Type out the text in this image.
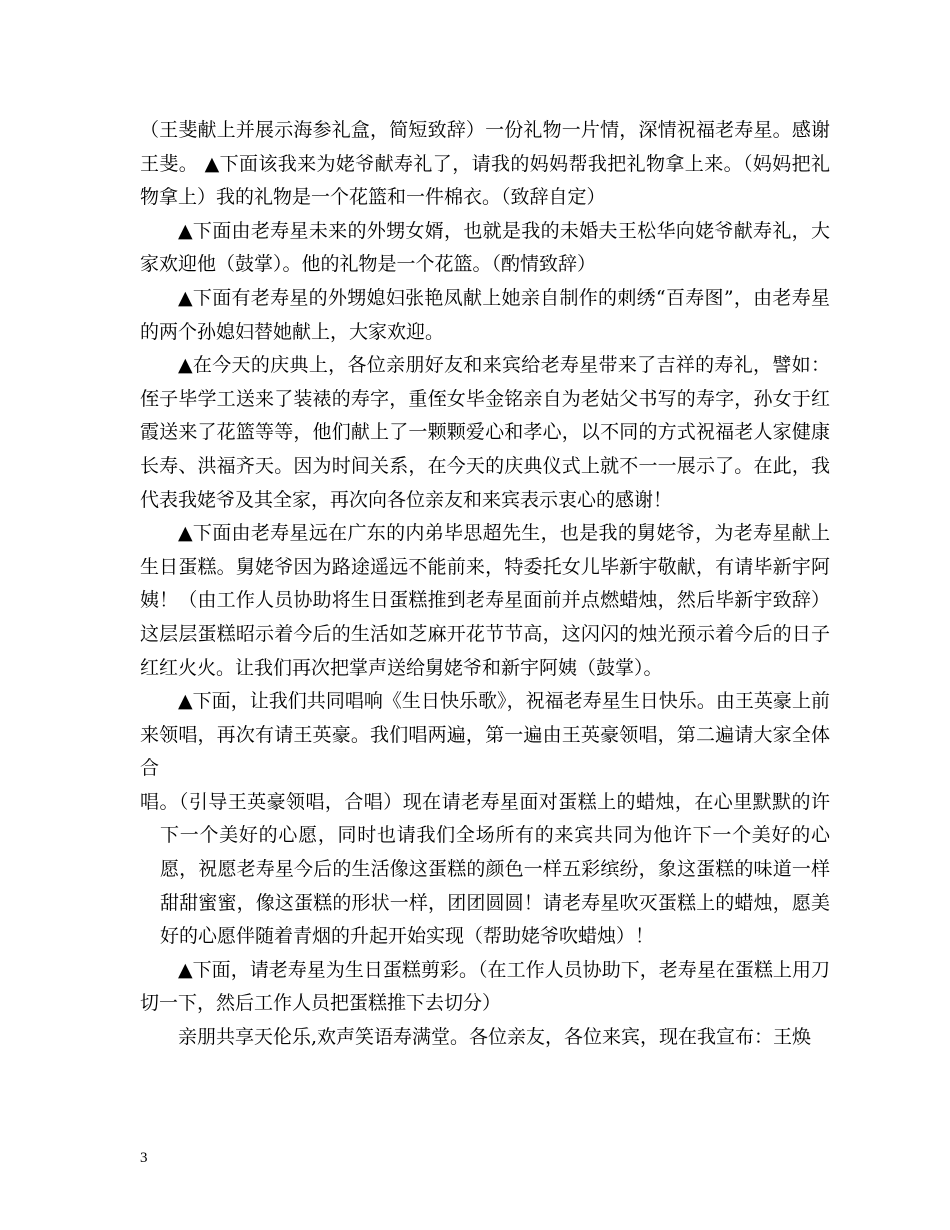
（王斐献上并展示海参礼盒，简短致辞）一份礼物一片情，深情祝福老寿星。感谢王斐。 ▲下面该我来为姥爷献寿礼了，请我的妈妈帮我把礼物拿上来。（妈妈把礼物拿上）我的礼物是一个花篮和一件棉衣。（致辞自定）

▲下面由老寿星未来的外甥女婿，也就是我的未婚夫王松华向姥爷献寿礼，大家欢迎他（鼓掌）。他的礼物是一个花篮。（酌情致辞）

▲下面有老寿星的外甥媳妇张艳凤献上她亲自制作的刺绣“百寿图”，由老寿星的两个孙媳妇替她献上，大家欢迎。

▲在今天的庆典上，各位亲朋好友和来宾给老寿星带来了吉祥的寿礼，譬如：侄子毕学工送来了装裱的寿字，重侄女毕金铭亲自为老姑父书写的寿字，孙女于红霞送来了花篮等等，他们献上了一颗颗爱心和孝心，以不同的方式祝福老人家健康长寿、洪福齐天。因为时间关系，在今天的庆典仪式上就不一一展示了。在此，我代表我姥爷及其全家，再次向各位亲友和来宾表示衷心的感谢！

▲下面由老寿星远在广东的内弟毕思超先生，也是我的舅姥爷，为老寿星献上生日蛋糕。舅姥爷因为路途遥远不能前来，特委托女儿毕新宇敬献，有请毕新宇阿姨！（由工作人员协助将生日蛋糕推到老寿星面前并点燃蜡烛，然后毕新宇致辞）这层层蛋糕昭示着今后的生活如芝麻开花节节高，这闪闪的烛光预示着今后的日子红红火火。让我们再次把掌声送给舅姥爷和新宇阿姨（鼓掌）。

▲下面，让我们共同唱响《生日快乐歌》，祝福老寿星生日快乐。由王英豪上前来领唱，再次有请王英豪。我们唱两遍，第一遍由王英豪领唱，第二遍请大家全体合

唱。（引导王英豪领唱，合唱）现在请老寿星面对蛋糕上的蜡烛，在心里默默的许下一个美好的心愿，同时也请我们全场所有的来宾共同为他许下一个美好的心愿，祝愿老寿星今后的生活像这蛋糕的颜色一样五彩缤纷，象这蛋糕的味道一样甜甜蜜蜜，像这蛋糕的形状一样，团团圆圆！请老寿星吹灭蛋糕上的蜡烛，愿美好的心愿伴随着青烟的升起开始实现（帮助姥爷吹蜡烛）！

▲下面，请老寿星为生日蛋糕剪彩。（在工作人员协助下，老寿星在蛋糕上用刀切一下，然后工作人员把蛋糕推下去切分）

亲朋共享天伦乐,欢声笑语寿满堂。各位亲友，各位来宾，现在我宣布：王焕

3
